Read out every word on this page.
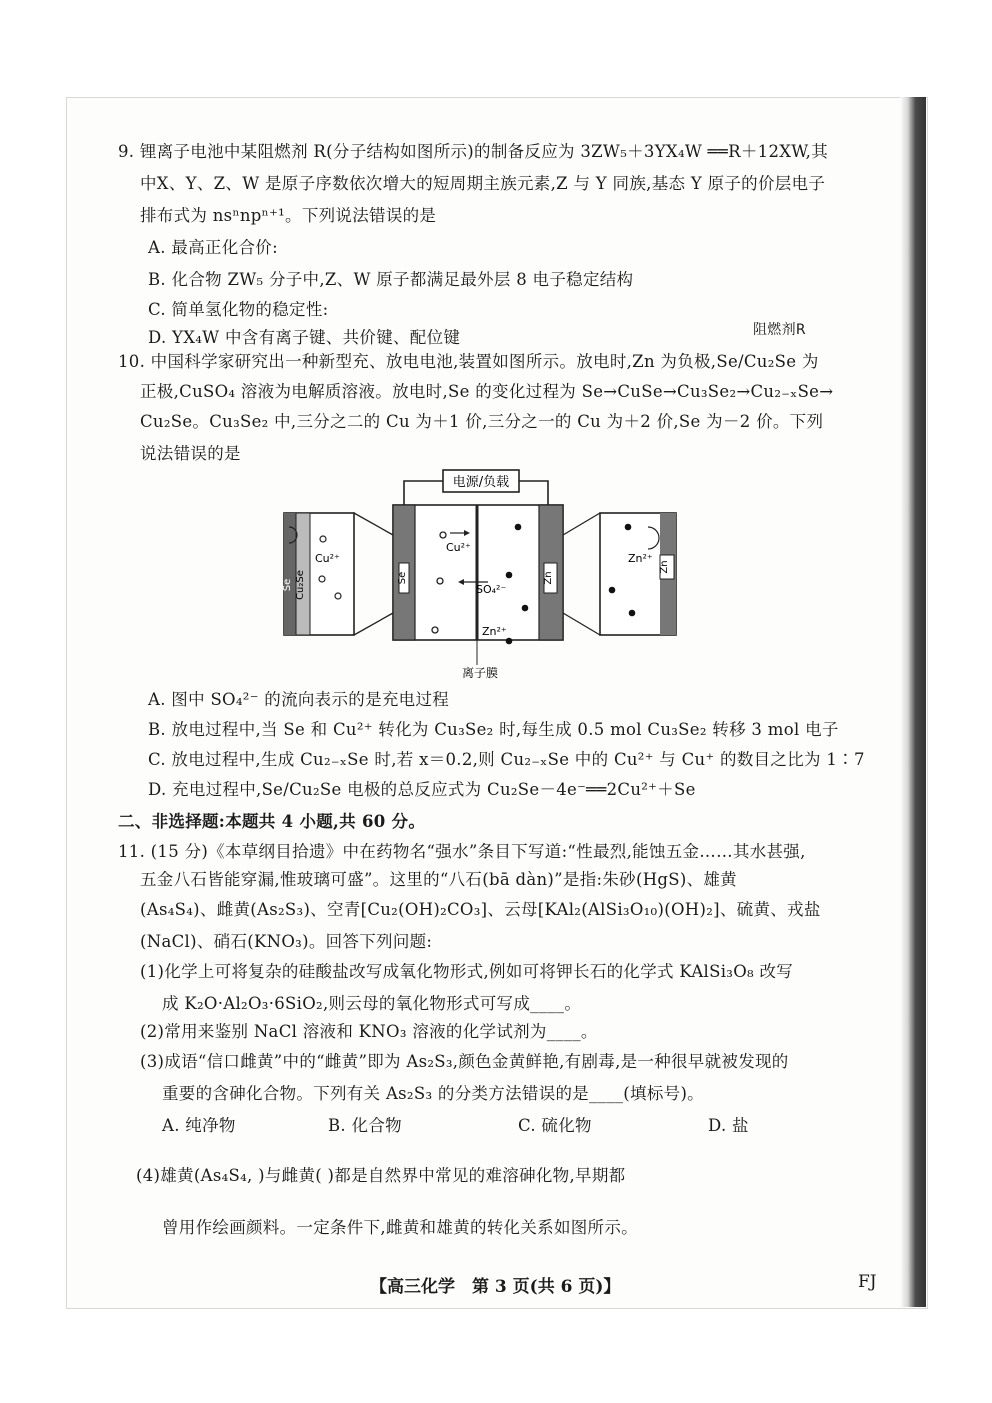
9. 锂离子电池中某阻燃剂 R(分子结构如图所示)的制备反应为 3ZW₅＋3YX₄W ══R＋12XW,其
中X、Y、Z、W 是原子序数依次增大的短周期主族元素,Z 与 Y 同族,基态 Y 原子的价层电子
排布式为 nsⁿnpⁿ⁺¹。下列说法错误的是
A. 最高正化合价:
B. 化合物 ZW₅ 分子中,Z、W 原子都满足最外层 8 电子稳定结构
C. 简单氢化物的稳定性:
D. YX₄W 中含有离子键、共价键、配位键	阻燃剂R
10. 中国科学家研究出一种新型充、放电电池,装置如图所示。放电时,Zn 为负极,Se/Cu₂Se 为
正极,CuSO₄ 溶液为电解质溶液。放电时,Se 的变化过程为 Se→CuSe→Cu₃Se₂→Cu₂₋ₓSe→
Cu₂Se。Cu₃Se₂ 中,三分之二的 Cu 为＋1 价,三分之一的 Cu 为＋2 价,Se 为－2 价。下列
说法错误的是
电源/负载
Se	Zn
离子膜
Cu²⁺
SO₄²⁻
Zn²⁺
Se Cu₂Se
Cu²⁺
Zn
Zn²⁺
A. 图中 SO₄²⁻ 的流向表示的是充电过程
B. 放电过程中,当 Se 和 Cu²⁺ 转化为 Cu₃Se₂ 时,每生成 0.5 mol Cu₃Se₂ 转移 3 mol 电子
C. 放电过程中,生成 Cu₂₋ₓSe 时,若 x＝0.2,则 Cu₂₋ₓSe 中的 Cu²⁺ 与 Cu⁺ 的数目之比为 1∶7
D. 充电过程中,Se/Cu₂Se 电极的总反应式为 Cu₂Se－4e⁻══2Cu²⁺＋Se
二、非选择题:本题共 4 小题,共 60 分。
11. (15 分)《本草纲目拾遗》中在药物名“强水”条目下写道:“性最烈,能蚀五金……其水甚强,
五金八石皆能穿漏,惟玻璃可盛”。这里的“八石(bā dàn)”是指:朱砂(HgS)、雄黄
(As₄S₄)、雌黄(As₂S₃)、空青[Cu₂(OH)₂CO₃]、云母[KAl₂(AlSi₃O₁₀)(OH)₂]、硫黄、戎盐
(NaCl)、硝石(KNO₃)。回答下列问题:
(1)化学上可将复杂的硅酸盐改写成氧化物形式,例如可将钾长石的化学式 KAlSi₃O₈ 改写
成 K₂O·Al₂O₃·6SiO₂,则云母的氧化物形式可写成____。
(2)常用来鉴别 NaCl 溶液和 KNO₃ 溶液的化学试剂为____。
(3)成语“信口雌黄”中的“雌黄”即为 As₂S₃,颜色金黄鲜艳,有剧毒,是一种很早就被发现的
重要的含砷化合物。下列有关 As₂S₃ 的分类方法错误的是____(填标号)。
A. 纯净物	B. 化合物	C. 硫化物	D. 盐
(4)雄黄(As₄S₄, )与雌黄( )都是自然界中常见的难溶砷化物,早期都
曾用作绘画颜料。一定条件下,雌黄和雄黄的转化关系如图所示。
【高三化学　第 3 页(共 6 页)】	FJ
